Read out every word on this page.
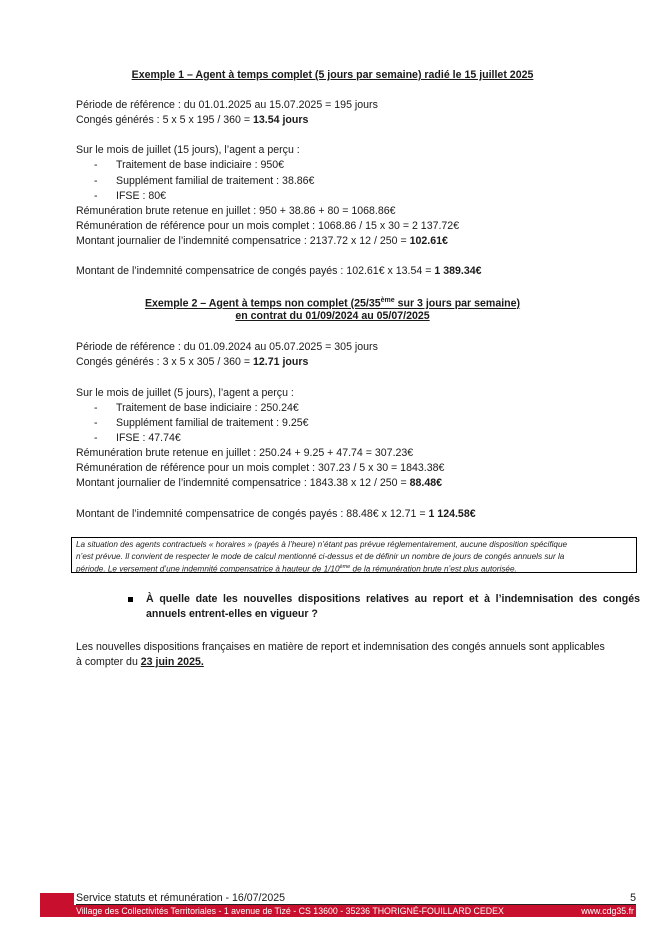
Exemple 1 – Agent à temps complet (5 jours par semaine) radié le 15 juillet 2025
Période de référence : du 01.01.2025 au 15.07.2025 = 195 jours
Congés générés : 5 x 5 x 195 / 360 = 13.54 jours
Sur le mois de juillet (15 jours), l’agent a perçu :
- Traitement de base indiciaire : 950€
- Supplément familial de traitement : 38.86€
- IFSE : 80€
Rémunération brute retenue en juillet : 950 + 38.86 + 80 = 1068.86€
Rémunération de référence pour un mois complet : 1068.86 / 15 x 30 = 2 137.72€
Montant journalier de l’indemnité compensatrice : 2137.72 x 12 / 250 = 102.61€
Montant de l’indemnité compensatrice de congés payés : 102.61€ x 13.54 = 1 389.34€
Exemple 2 – Agent à temps non complet (25/35ème sur 3 jours par semaine)
en contrat du 01/09/2024 au 05/07/2025
Période de référence : du 01.09.2024 au 05.07.2025 = 305 jours
Congés générés : 3 x 5 x 305 / 360 = 12.71 jours
Sur le mois de juillet (5 jours), l’agent a perçu :
- Traitement de base indiciaire : 250.24€
- Supplément familial de traitement : 9.25€
- IFSE : 47.74€
Rémunération brute retenue en juillet : 250.24 + 9.25 + 47.74 = 307.23€
Rémunération de référence pour un mois complet : 307.23 / 5 x 30 = 1843.38€
Montant journalier de l’indemnité compensatrice : 1843.38 x 12 / 250 = 88.48€
Montant de l’indemnité compensatrice de congés payés : 88.48€ x 12.71 = 1 124.58€
La situation des agents contractuels « horaires » (payés à l’heure) n’étant pas prévue réglementairement, aucune disposition spécifique
n’est prévue. Il convient de respecter le mode de calcul mentionné ci-dessus et de définir un nombre de jours de congés annuels sur la
période. Le versement d’une indemnité compensatrice à hauteur de 1/10ème de la rémunération brute n’est plus autorisée.
À quelle date les nouvelles dispositions relatives au report et à l’indemnisation des congés annuels entrent-elles en vigueur ?
Les nouvelles dispositions françaises en matière de report et indemnisation des congés annuels sont applicables
à compter du 23 juin 2025.
Service statuts et rémunération - 16/07/2025	5
Village des Collectivités Territoriales - 1 avenue de Tizé - CS 13600 - 35236 THORIGNÉ-FOUILLARD CEDEX	www.cdg35.fr
